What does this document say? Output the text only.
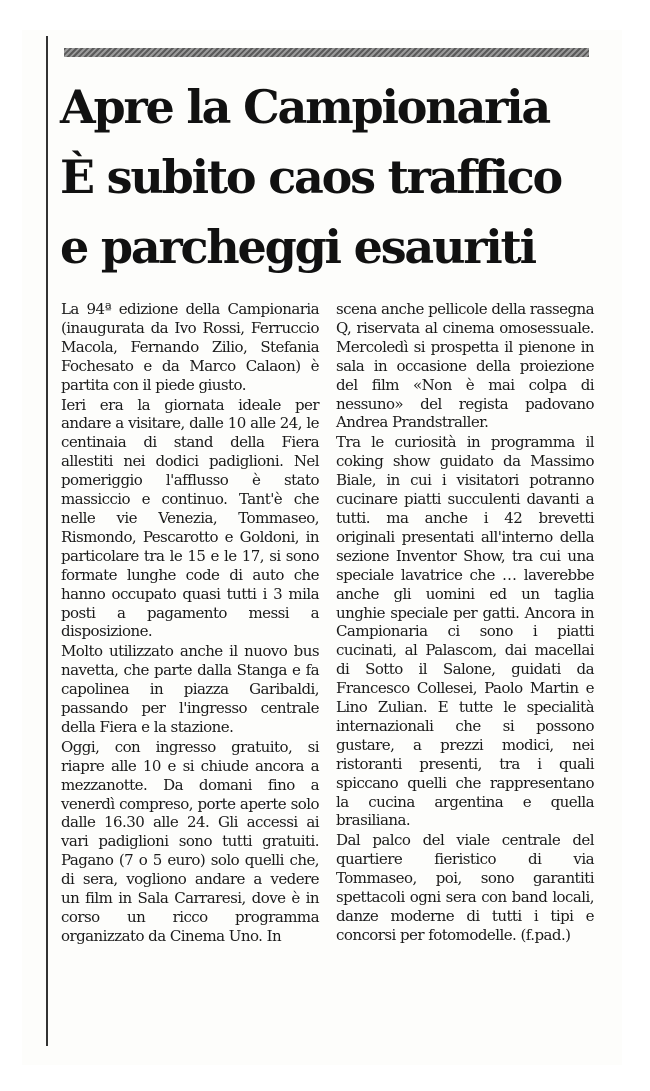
Apre la Campionaria
È subito caos traffico
e parcheggi esauriti

La 94ª edizione della Campionaria (inaugurata da Ivo Rossi, Ferruccio Macola, Fernando Zilio, Stefania Fochesato e da Marco Calaon) è partita con il piede giusto.

Ieri era la giornata ideale per andare a visitare, dalle 10 alle 24, le centinaia di stand della Fiera allestiti nei dodici padiglioni. Nel pomeriggio l'afflusso è stato massiccio e continuo. Tant'è che nelle vie Venezia, Tommaseo, Rismondo, Pescarotto e Goldoni, in particolare tra le 15 e le 17, si sono formate lunghe code di auto che hanno occupato quasi tutti i 3 mila posti a pagamento messi a disposizione.

Molto utilizzato anche il nuovo bus navetta, che parte dalla Stanga e fa capolinea in piazza Garibaldi, passando per l'ingresso centrale della Fiera e la stazione.

Oggi, con ingresso gratuito, si riapre alle 10 e si chiude ancora a mezzanotte. Da domani fino a venerdì compreso, porte aperte solo dalle 16.30 alle 24. Gli accessi ai vari padiglioni sono tutti gratuiti. Pagano (7 o 5 euro) solo quelli che, di sera, vogliono andare a vedere un film in Sala Carraresi, dove è in corso un ricco programma organizzato da Cinema Uno. In

scena anche pellicole della rassegna Q, riservata al cinema omosessuale. Mercoledì si prospetta il pienone in sala in occasione della proiezione del film «Non è mai colpa di nessuno» del regista padovano Andrea Prandstraller.

Tra le curiosità in programma il coking show guidato da Massimo Biale, in cui i visitatori potranno cucinare piatti succulenti davanti a tutti. ma anche i 42 brevetti originali presentati all'interno della sezione Inventor Show, tra cui una speciale lavatrice che … laverebbe anche gli uomini ed un taglia unghie speciale per gatti. Ancora in Campionaria ci sono i piatti cucinati, al Palascom, dai macellai di Sotto il Salone, guidati da Francesco Collesei, Paolo Martin e Lino Zulian. E tutte le specialità internazionali che si possono gustare, a prezzi modici, nei ristoranti presenti, tra i quali spiccano quelli che rappresentano la cucina argentina e quella brasiliana.

Dal palco del viale centrale del quartiere fieristico di via Tommaseo, poi, sono garantiti spettacoli ogni sera con band locali, danze moderne di tutti i tipi e concorsi per fotomodelle. (f.pad.)
